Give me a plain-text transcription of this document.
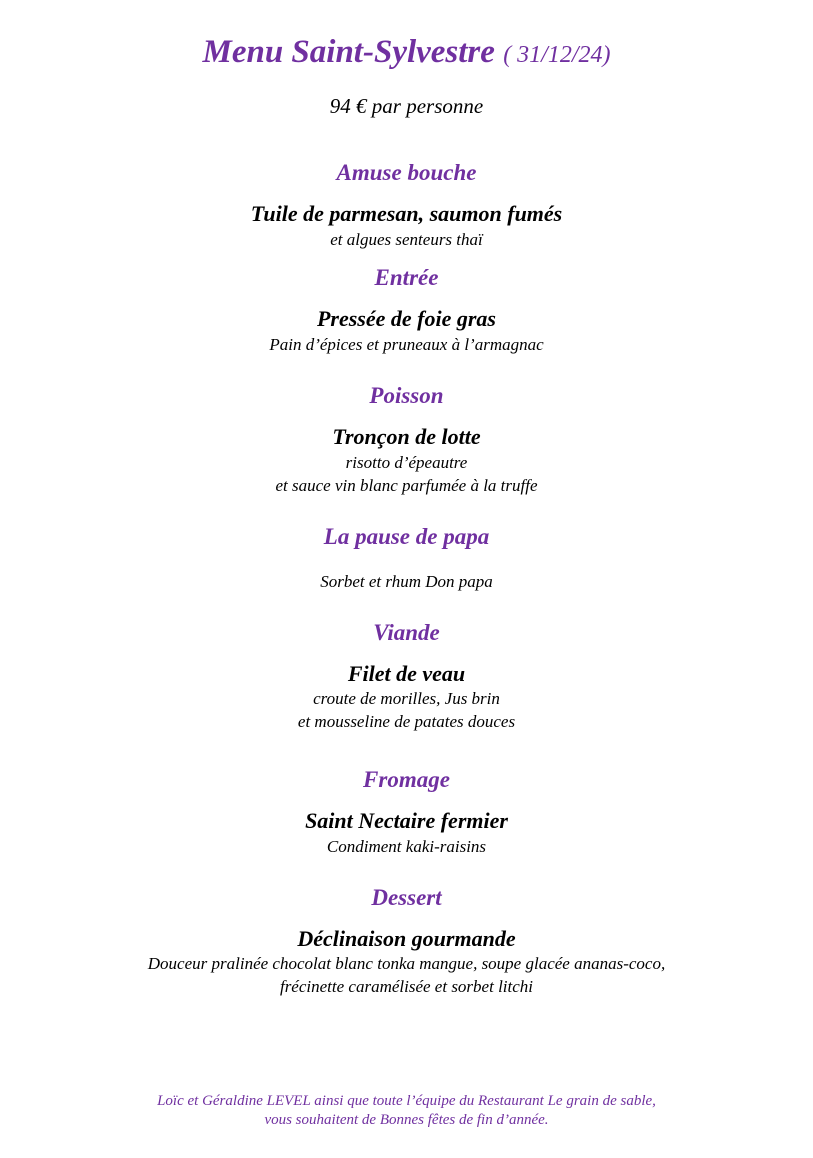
Menu Saint-Sylvestre ( 31/12/24)
94 € par personne
Amuse bouche
Tuile de parmesan, saumon fumés
et algues senteurs thaï
Entrée
Pressée de foie gras
Pain d’épices et pruneaux à l’armagnac
Poisson
Tronçon de lotte
risotto d’épeautre
et sauce vin blanc parfumée à la truffe
La pause de papa
Sorbet et rhum Don papa
Viande
Filet de veau
croute de morilles, Jus brin
et mousseline de patates douces
Fromage
Saint Nectaire fermier
Condiment kaki-raisins
Dessert
Déclinaison gourmande
Douceur pralinée chocolat blanc tonka mangue, soupe glacée ananas-coco,
frécinette caramélisée et sorbet litchi
Loïc et Géraldine LEVEL ainsi que toute l’équipe du Restaurant Le grain de sable,
vous souhaitent de Bonnes fêtes de fin d’année.
